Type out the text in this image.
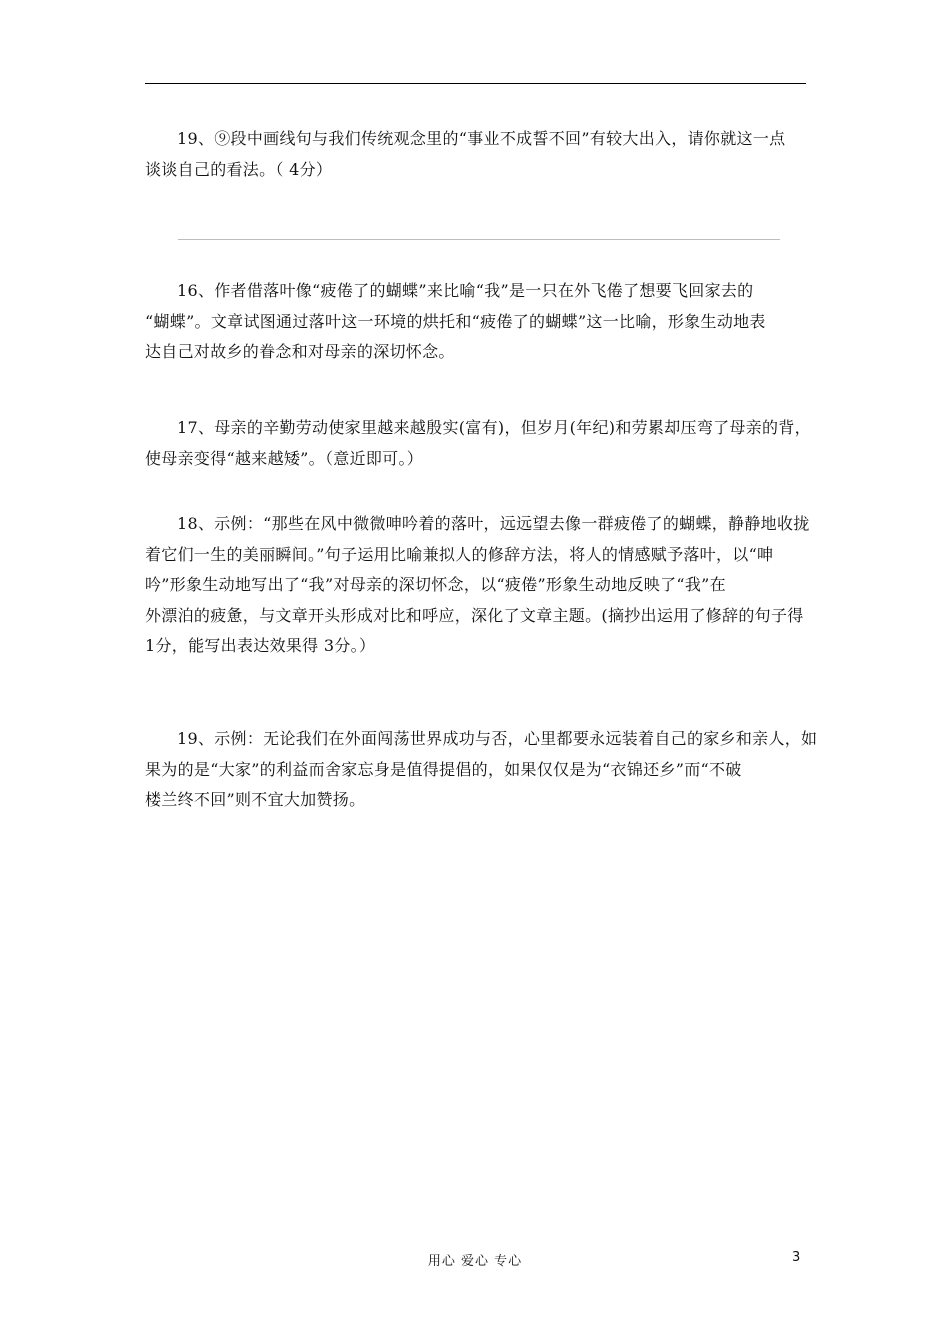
19、⑨段中画线句与我们传统观念里的“事业不成誓不回”有较大出入，请你就这一点
谈谈自己的看法。（ 4分）
16、作者借落叶像“疲倦了的蝴蝶”来比喻“我”是一只在外飞倦了想要飞回家去的
“蝴蝶”。文章试图通过落叶这一环境的烘托和“疲倦了的蝴蝶”这一比喻，形象生动地表
达自己对故乡的眷念和对母亲的深切怀念。
17、母亲的辛勤劳动使家里越来越殷实(富有)，但岁月(年纪)和劳累却压弯了母亲的背，
使母亲变得“越来越矮”。（意近即可。）
18、示例：“那些在风中微微呻吟着的落叶，远远望去像一群疲倦了的蝴蝶，静静地收拢
着它们一生的美丽瞬间。”句子运用比喻兼拟人的修辞方法，将人的情感赋予落叶，以“呻
吟”形象生动地写出了“我”对母亲的深切怀念，以“疲倦”形象生动地反映了“我”在
外漂泊的疲惫，与文章开头形成对比和呼应，深化了文章主题。(摘抄出运用了修辞的句子得
1分，能写出表达效果得 3分。）
19、示例：无论我们在外面闯荡世界成功与否，心里都要永远装着自己的家乡和亲人，如
果为的是“大家”的利益而舍家忘身是值得提倡的，如果仅仅是为“衣锦还乡”而“不破
楼兰终不回”则不宜大加赞扬。
用心 爱心 专心	3
